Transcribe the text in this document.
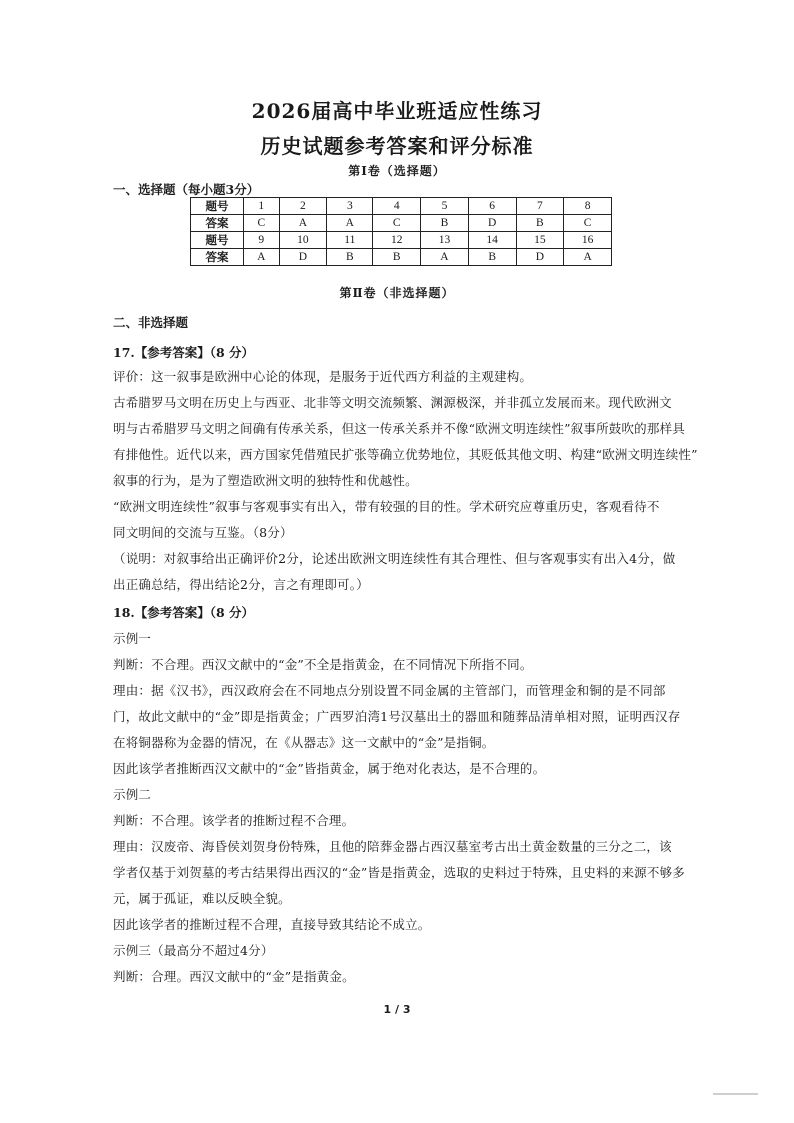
2026届高中毕业班适应性练习
历史试题参考答案和评分标准
第Ⅰ卷（选择题）
一、选择题（每小题3分）
题号	1	2	3	4	5	6	7	8
答案	C	A	A	C	B	D	B	C
题号	9	10	11	12	13	14	15	16
答案	A	D	B	B	A	B	D	A
第Ⅱ卷（非选择题）
二、非选择题
17.【参考答案】（8 分）
评价：这一叙事是欧洲中心论的体现，是服务于近代西方利益的主观建构。
古希腊罗马文明在历史上与西亚、北非等文明交流频繁、渊源极深，并非孤立发展而来。现代欧洲文
明与古希腊罗马文明之间确有传承关系，但这一传承关系并不像“欧洲文明连续性”叙事所鼓吹的那样具
有排他性。近代以来，西方国家凭借殖民扩张等确立优势地位，其贬低其他文明、构建“欧洲文明连续性”
叙事的行为，是为了塑造欧洲文明的独特性和优越性。
“欧洲文明连续性”叙事与客观事实有出入，带有较强的目的性。学术研究应尊重历史，客观看待不
同文明间的交流与互鉴。（8分）
（说明：对叙事给出正确评价2分，论述出欧洲文明连续性有其合理性、但与客观事实有出入4分，做
出正确总结，得出结论2分，言之有理即可。）
18.【参考答案】（8 分）
示例一
判断：不合理。西汉文献中的“金”不全是指黄金，在不同情况下所指不同。
理由：据《汉书》，西汉政府会在不同地点分别设置不同金属的主管部门，而管理金和铜的是不同部
门，故此文献中的“金”即是指黄金；广西罗泊湾1号汉墓出土的器皿和随葬品清单相对照，证明西汉存
在将铜器称为金器的情况，在《从器志》这一文献中的“金”是指铜。
因此该学者推断西汉文献中的“金”皆指黄金，属于绝对化表达，是不合理的。
示例二
判断：不合理。该学者的推断过程不合理。
理由：汉废帝、海昏侯刘贺身份特殊，且他的陪葬金器占西汉墓室考古出土黄金数量的三分之二，该
学者仅基于刘贺墓的考古结果得出西汉的“金”皆是指黄金，选取的史料过于特殊，且史料的来源不够多
元，属于孤证，难以反映全貌。
因此该学者的推断过程不合理，直接导致其结论不成立。
示例三（最高分不超过4分）
判断：合理。西汉文献中的“金”是指黄金。
1 / 3
